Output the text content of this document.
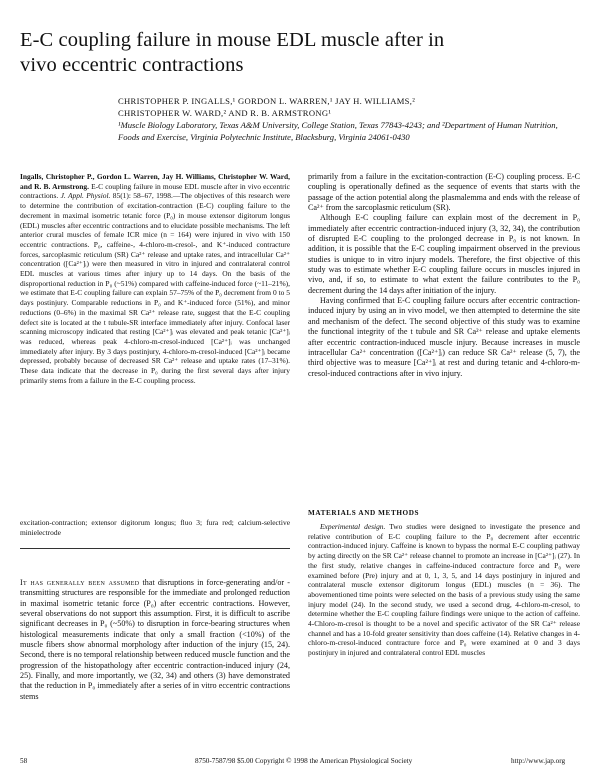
E-C coupling failure in mouse EDL muscle after in vivo eccentric contractions
CHRISTOPHER P. INGALLS,¹ GORDON L. WARREN,¹ JAY H. WILLIAMS,²
CHRISTOPHER W. WARD,² AND R. B. ARMSTRONG¹
¹Muscle Biology Laboratory, Texas A&M University, College Station, Texas 77843-4243; and ²Department of Human Nutrition, Foods and Exercise, Virginia Polytechnic Institute, Blacksburg, Virginia 24061-0430
Ingalls, Christopher P., Gordon L. Warren, Jay H. Williams, Christopher W. Ward, and R. B. Armstrong. E-C coupling failure in mouse EDL muscle after in vivo eccentric contractions. J. Appl. Physiol. 85(1): 58–67, 1998.—The objectives of this research were to determine the contribution of excitation-contraction (E-C) coupling failure to the decrement in maximal isometric tetanic force (P₀) in mouse extensor digitorum longus (EDL) muscles after eccentric contractions and to elucidate possible mechanisms. The left anterior crural muscles of female ICR mice (n = 164) were injured in vivo with 150 eccentric contractions. P₀, caffeine-, 4-chloro-m-cresol-, and K⁺-induced contracture forces, sarcoplasmic reticulum (SR) Ca²⁺ release and uptake rates, and intracellular Ca²⁺ concentration ([Ca²⁺]ᵢ) were then measured in vitro in injured and contralateral control EDL muscles at various times after injury up to 14 days. On the basis of the disproportional reduction in P₀ (~51%) compared with caffeine-induced force (~11–21%), we estimate that E-C coupling failure can explain 57–75% of the P₀ decrement from 0 to 5 days postinjury. Comparable reductions in P₀ and K⁺-induced force (51%), and minor reductions (0–6%) in the maximal SR Ca²⁺ release rate, suggest that the E-C coupling defect site is located at the t tubule-SR interface immediately after injury. Confocal laser scanning microscopy indicated that resting [Ca²⁺]ᵢ was elevated and peak tetanic [Ca²⁺]ᵢ was reduced, whereas peak 4-chloro-m-cresol-induced [Ca²⁺]ᵢ was unchanged immediately after injury. By 3 days postinjury, 4-chloro-m-cresol-induced [Ca²⁺]ᵢ became depressed, probably because of decreased SR Ca²⁺ release and uptake rates (17–31%). These data indicate that the decrease in P₀ during the first several days after injury primarily stems from a failure in the E-C coupling process.
excitation-contraction; extensor digitorum longus; fluo 3; fura red; calcium-selective minielectrode
It has generally been assumed that disruptions in force-generating and/or -transmitting structures are responsible for the immediate and prolonged reduction in maximal isometric tetanic force (P₀) after eccentric contractions. However, several observations do not support this assumption. First, it is difficult to ascribe significant decreases in P₀ (~50%) to disruption in force-bearing structures when histological measurements indicate that only a small fraction (<10%) of the muscle fibers show abnormal morphology after induction of the injury (15, 24). Second, there is no temporal relationship between reduced muscle function and the progression of the histopathology after eccentric contraction-induced injury (24, 25). Finally, and more importantly, we (32, 34) and others (3) have demonstrated that the reduction in P₀ immediately after a series of in vitro eccentric contractions stems

primarily from a failure in the excitation-contraction (E-C) coupling process. E-C coupling is operationally defined as the sequence of events that starts with the passage of the action potential along the plasmalemma and ends with the release of Ca²⁺ from the sarcoplasmic reticulum (SR).

Although E-C coupling failure can explain most of the decrement in P₀ immediately after eccentric contraction-induced injury (3, 32, 34), the contribution of disrupted E-C coupling to the prolonged decrease in P₀ is not known. In addition, it is possible that the E-C coupling impairment observed in the previous studies is unique to in vitro injury models. Therefore, the first objective of this study was to estimate whether E-C coupling failure occurs in muscles injured in vivo, and, if so, to estimate to what extent the failure contributes to the P₀ decrement during the 14 days after initiation of the injury.

Having confirmed that E-C coupling failure occurs after eccentric contraction-induced injury by using an in vivo model, we then attempted to determine the site and mechanism of the defect. The second objective of this study was to examine the functional integrity of the t tubule and SR Ca²⁺ release and uptake elements after eccentric contraction-induced muscle injury. Because increases in muscle intracellular Ca²⁺ concentration ([Ca²⁺]ᵢ) can reduce SR Ca²⁺ release (5, 7), the third objective was to measure [Ca²⁺]ᵢ at rest and during tetanic and 4-chloro-m-cresol-induced contractions after in vivo injury.

MATERIALS AND METHODS
Experimental design. Two studies were designed to investigate the presence and relative contribution of E-C coupling failure to the P₀ decrement after eccentric contraction-induced injury. Caffeine is known to bypass the normal E-C coupling pathway by acting directly on the SR Ca²⁺ release channel to promote an increase in [Ca²⁺]ᵢ (27). In the first study, relative changes in caffeine-induced contracture force and P₀ were examined before (Pre) injury and at 0, 1, 3, 5, and 14 days postinjury in injured and contralateral muscle extensor digitorum longus (EDL) muscles (n = 36). The abovementioned time points were selected on the basis of a previous study using the same injury model (24). In the second study, we used a second drug, 4-chloro-m-cresol, to determine whether the E-C coupling failure findings were unique to the action of caffeine. 4-Chloro-m-cresol is thought to be a novel and specific activator of the SR Ca²⁺ release channel and has a 10-fold greater sensitivity than does caffeine (14). Relative changes in 4-chloro-m-cresol-induced contracture force and P₀ were examined at 0 and 3 days postinjury in injured and contralateral control EDL muscles
58	8750-7587/98 $5.00 Copyright © 1998 the American Physiological Society	http://www.jap.org
